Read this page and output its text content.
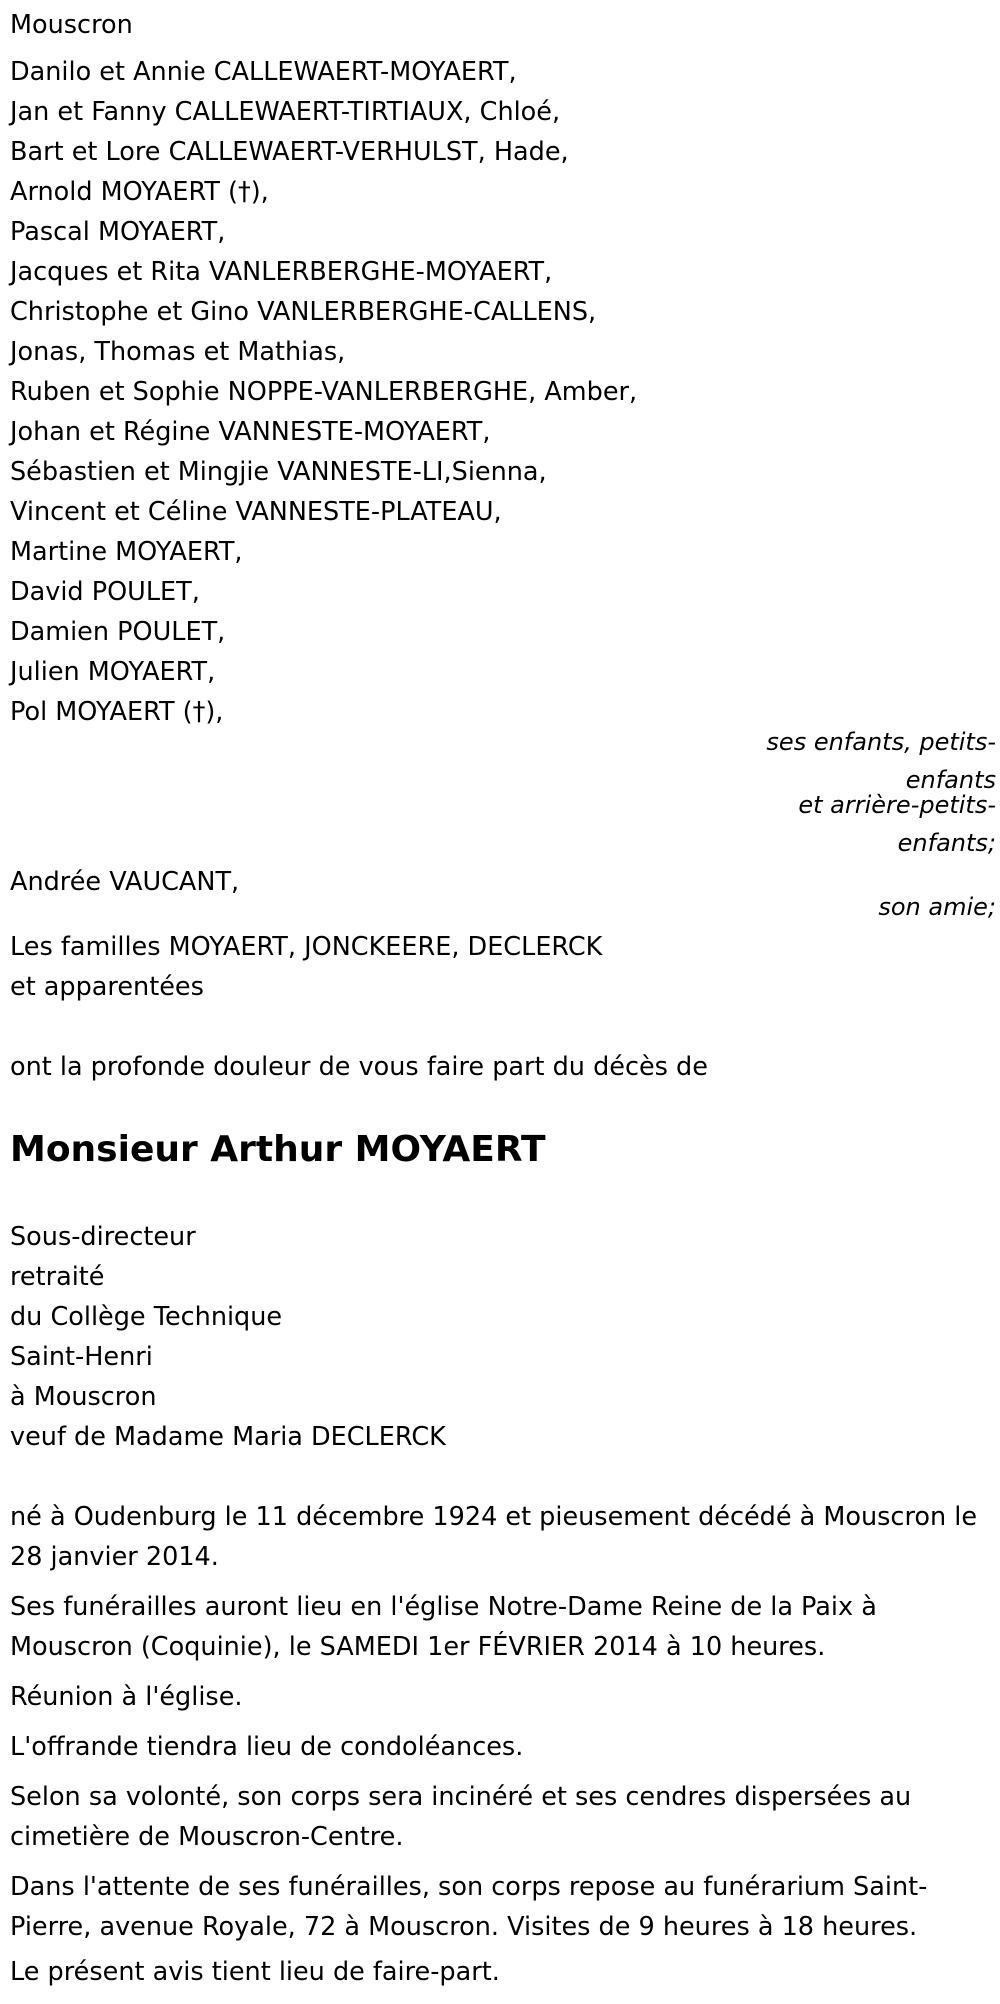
Mouscron
Danilo et Annie CALLEWAERT-MOYAERT,
Jan et Fanny CALLEWAERT-TIRTIAUX, Chloé,
Bart et Lore CALLEWAERT-VERHULST, Hade,
Arnold MOYAERT (†),
Pascal MOYAERT,
Jacques et Rita VANLERBERGHE-MOYAERT,
Christophe et Gino VANLERBERGHE-CALLENS,
Jonas, Thomas et Mathias,
Ruben et Sophie NOPPE-VANLERBERGHE, Amber,
Johan et Régine VANNESTE-MOYAERT,
Sébastien et Mingjie VANNESTE-LI,Sienna,
Vincent et Céline VANNESTE-PLATEAU,
Martine MOYAERT,
David POULET,
Damien POULET,
Julien MOYAERT,
Pol MOYAERT (†),
ses enfants, petits-
enfants
et arrière-petits-
enfants;
Andrée VAUCANT,
son amie;
Les familles MOYAERT, JONCKEERE, DECLERCK
et apparentées
ont la profonde douleur de vous faire part du décès de
Monsieur Arthur MOYAERT
Sous-directeur
retraité
du Collège Technique
Saint-Henri
à Mouscron
veuf de Madame Maria DECLERCK
né à Oudenburg le 11 décembre 1924 et pieusement décédé à Mouscron le 28 janvier 2014.
Ses funérailles auront lieu en l'église Notre-Dame Reine de la Paix à Mouscron (Coquinie), le SAMEDI 1er FÉVRIER 2014 à 10 heures.
Réunion à l'église.
L'offrande tiendra lieu de condoléances.
Selon sa volonté, son corps sera incinéré et ses cendres dispersées au cimetière de Mouscron-Centre.
Dans l'attente de ses funérailles, son corps repose au funérarium Saint-Pierre, avenue Royale, 72 à Mouscron. Visites de 9 heures à 18 heures.
Le présent avis tient lieu de faire-part.
